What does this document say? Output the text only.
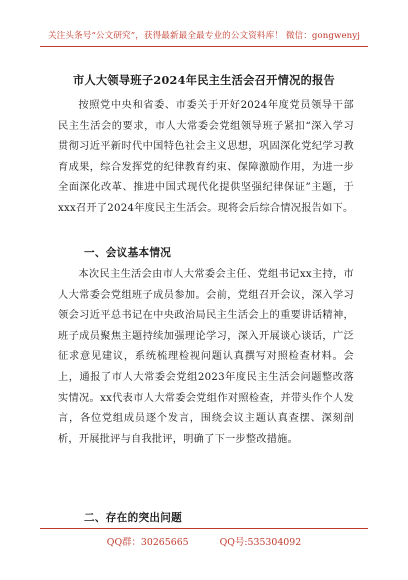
关注头条号“公文研究”，获得最新最全最专业的公文资料库！ 微信：gongwenyj
市人大领导班子2024年民主生活会召开情况的报告
按照党中央和省委、市委关于开好2024年度党员领导干部民主生活会的要求，市人大常委会党组领导班子紧扣“深入学习贯彻习近平新时代中国特色社会主义思想，巩固深化党纪学习教育成果，综合发挥党的纪律教育约束、保障激励作用，为进一步全面深化改革、推进中国式现代化提供坚强纪律保证”主题，于xxx召开了2024年度民主生活会。现将会后综合情况报告如下。
一、会议基本情况
本次民主生活会由市人大常委会主任、党组书记xx主持，市人大常委会党组班子成员参加。会前，党组召开会议，深入学习领会习近平总书记在中央政治局民主生活会上的重要讲话精神，班子成员聚焦主题持续加强理论学习，深入开展谈心谈话，广泛征求意见建议，系统梳理检视问题认真撰写对照检查材料。会上，通报了市人大常委会党组2023年度民主生活会问题整改落实情况。xx代表市人大常委会党组作对照检查，并带头作个人发言，各位党组成员逐个发言，围绕会议主题认真查摆、深刻剖析，开展批评与自我批评，明确了下一步整改措施。
二、存在的突出问题
QQ群：30265665	QQ号:535304092
